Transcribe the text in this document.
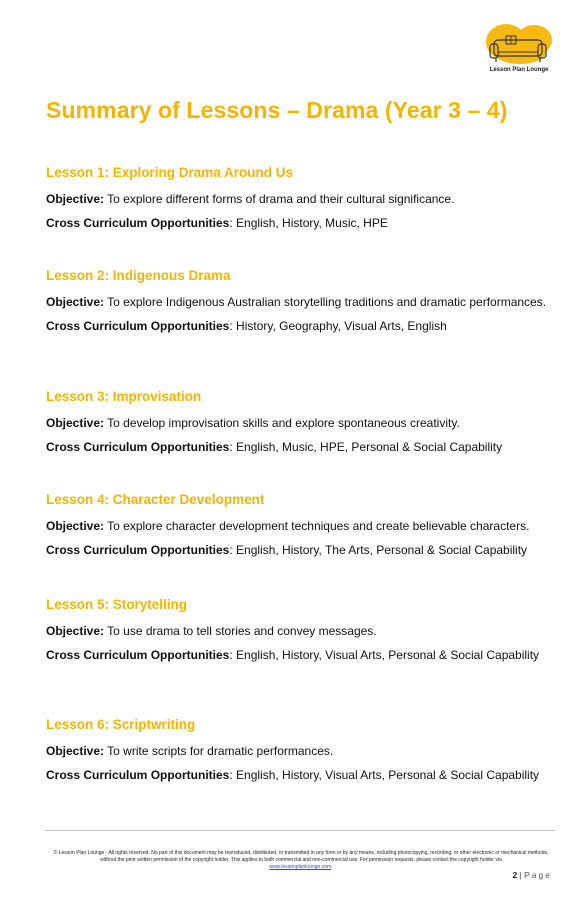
Lesson Plan Lounge
Summary of Lessons – Drama (Year 3 – 4)
Lesson 1: Exploring Drama Around Us

Objective: To explore different forms of drama and their cultural significance.

Cross Curriculum Opportunities: English, History, Music, HPE

Lesson 2: Indigenous Drama

Objective: To explore Indigenous Australian storytelling traditions and dramatic performances.

Cross Curriculum Opportunities: History, Geography, Visual Arts, English

Lesson 3: Improvisation

Objective: To develop improvisation skills and explore spontaneous creativity.

Cross Curriculum Opportunities: English, Music, HPE, Personal & Social Capability

Lesson 4: Character Development

Objective: To explore character development techniques and create believable characters.

Cross Curriculum Opportunities: English, History, The Arts, Personal & Social Capability

Lesson 5: Storytelling

Objective: To use drama to tell stories and convey messages.

Cross Curriculum Opportunities: English, History, Visual Arts, Personal & Social Capability

Lesson 6: Scriptwriting

Objective: To write scripts for dramatic performances.

Cross Curriculum Opportunities: English, History, Visual Arts, Personal & Social Capability

© Lesson Plan Lounge - All rights reserved. No part of this document may be reproduced, distributed, or transmitted in any form or by any means, including photocopying, recording, or other electronic or mechanical methods, without the prior written permission of the copyright holder. This applies to both commercial and non-commercial use. For permission requests, please contact the copyright holder via
www.lessonplanlounge.com.
2 | Page
